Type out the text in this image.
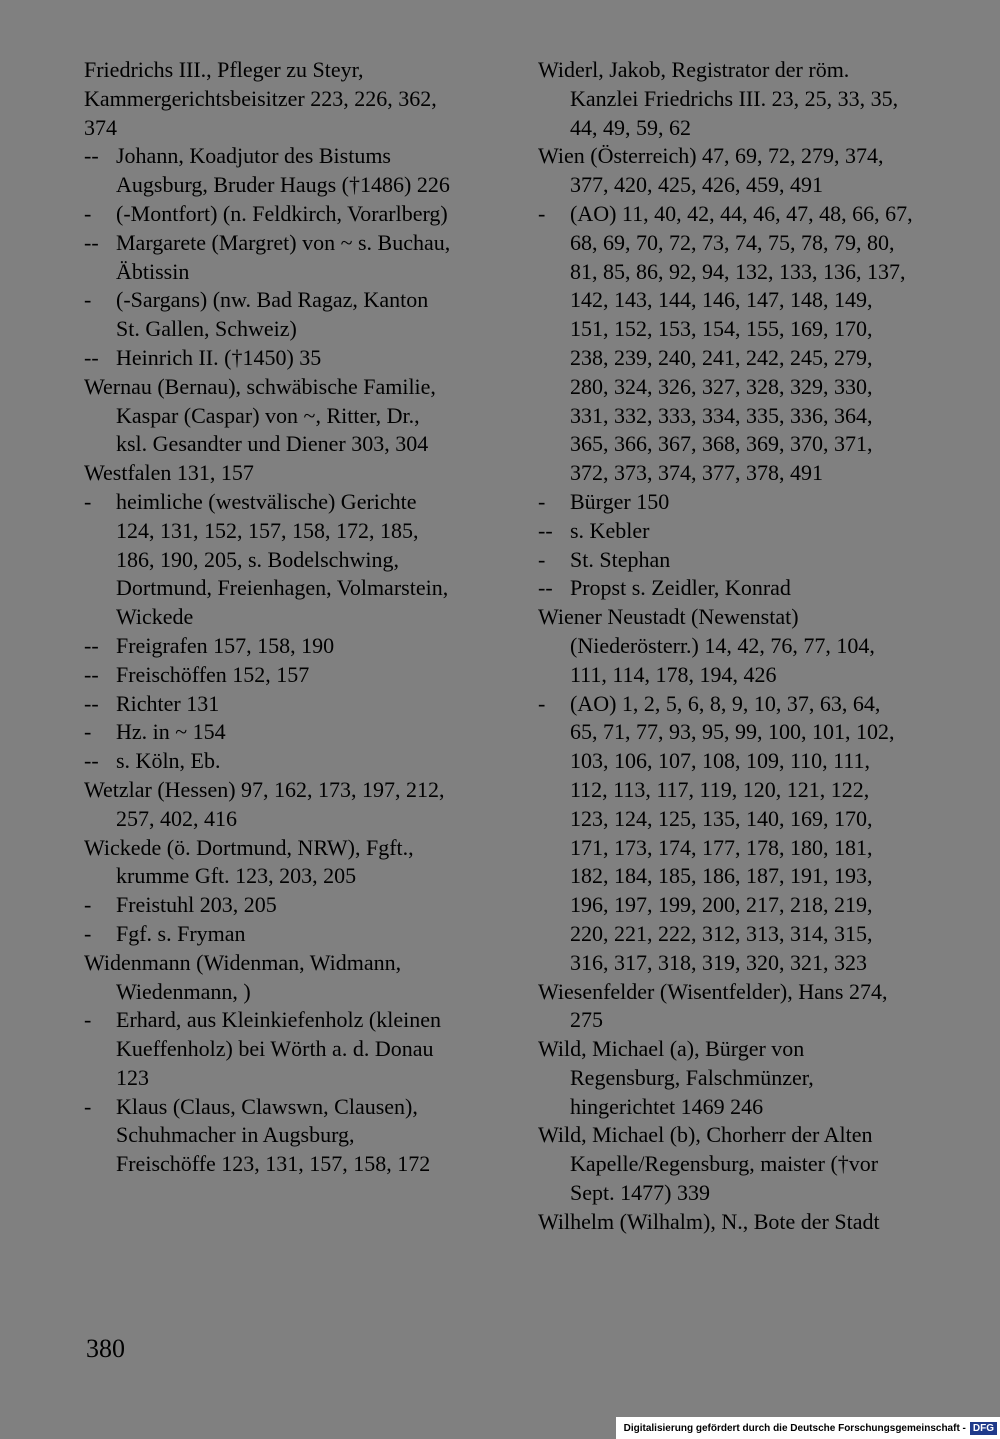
Friedrichs III., Pfleger zu Steyr, Kammergerichtsbeisitzer 223, 226, 362, 374
-- Johann, Koadjutor des Bistums Augsburg, Bruder Haugs (†1486) 226
-	(-Montfort) (n. Feldkirch, Vorarlberg)
-- Margarete (Margret) von ~ s. Buchau, Äbtissin
-	(-Sargans) (nw. Bad Ragaz, Kanton St. Gallen, Schweiz)
-- Heinrich II. (†1450) 35
Wernau (Bernau), schwäbische Familie, Kaspar (Caspar) von ~, Ritter, Dr., ksl. Gesandter und Diener 303, 304
Westfalen 131, 157
-	heimliche (westvälische) Gerichte 124, 131, 152, 157, 158, 172, 185, 186, 190, 205, s. Bodelschwing, Dortmund, Freienhagen, Volmarstein, Wickede
-- Freigrafen 157, 158, 190
-- Freischöffen 152, 157
-- Richter 131
-	Hz. in ~ 154
-- s. Köln, Eb.
Wetzlar (Hessen) 97, 162, 173, 197, 212, 257, 402, 416
Wickede (ö. Dortmund, NRW), Fgft., krumme Gft. 123, 203, 205
-	Freistuhl 203, 205
-	Fgf. s. Fryman
Widenmann (Widenman, Widmann, Wiedenmann, )
-	Erhard, aus Kleinkiefenholz (kleinen Kueffenholz) bei Wörth a. d. Donau 123
-	Klaus (Claus, Clawswn, Clausen), Schuhmacher in Augsburg, Freischöffe 123, 131, 157, 158, 172
Widerl, Jakob, Registrator der röm. Kanzlei Friedrichs III. 23, 25, 33, 35, 44, 49, 59, 62
Wien (Österreich) 47, 69, 72, 279, 374, 377, 420, 425, 426, 459, 491
-	(AO) 11, 40, 42, 44, 46, 47, 48, 66, 67, 68, 69, 70, 72, 73, 74, 75, 78, 79, 80, 81, 85, 86, 92, 94, 132, 133, 136, 137, 142, 143, 144, 146, 147, 148, 149, 151, 152, 153, 154, 155, 169, 170, 238, 239, 240, 241, 242, 245, 279, 280, 324, 326, 327, 328, 329, 330, 331, 332, 333, 334, 335, 336, 364, 365, 366, 367, 368, 369, 370, 371, 372, 373, 374, 377, 378, 491
-	Bürger 150
-- s. Kebler
-	St. Stephan
-- Propst s. Zeidler, Konrad
Wiener Neustadt (Newenstat) (Niederösterr.) 14, 42, 76, 77, 104, 111, 114, 178, 194, 426
-	(AO) 1, 2, 5, 6, 8, 9, 10, 37, 63, 64, 65, 71, 77, 93, 95, 99, 100, 101, 102, 103, 106, 107, 108, 109, 110, 111, 112, 113, 117, 119, 120, 121, 122, 123, 124, 125, 135, 140, 169, 170, 171, 173, 174, 177, 178, 180, 181, 182, 184, 185, 186, 187, 191, 193, 196, 197, 199, 200, 217, 218, 219, 220, 221, 222, 312, 313, 314, 315, 316, 317, 318, 319, 320, 321, 323
Wiesenfelder (Wisentfelder), Hans 274, 275
Wild, Michael (a), Bürger von Regensburg, Falschmünzer, hingerichtet 1469 246
Wild, Michael (b), Chorherr der Alten Kapelle/Regensburg, maister (†vor Sept. 1477) 339
Wilhelm (Wilhalm), N., Bote der Stadt
380
Digitalisierung gefördert durch die Deutsche Forschungsgemeinschaft - DFG
